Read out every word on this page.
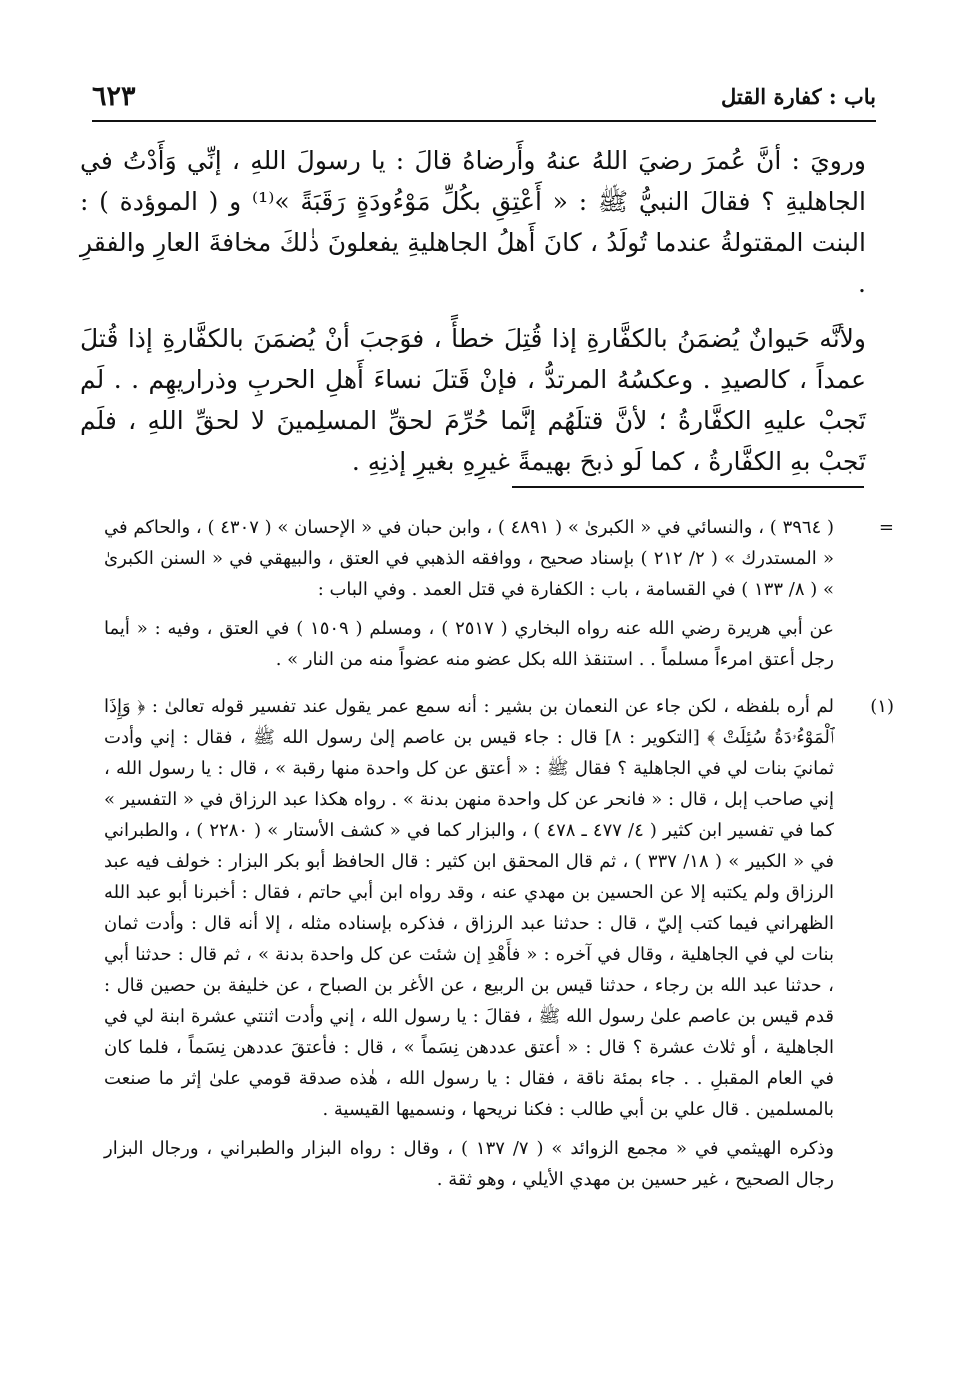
باب : كفارة القتل
٦٢٣

ورويَ : أنَّ عُمرَ رضيَ اللهُ عنهُ وأَرضاهُ قالَ : يا رسولَ اللهِ ، إنِّي وَأَدْتُ في الجاهليةِ ؟ فقالَ النبيُّ ﷺ : « أَعْتِقِ بكُلِّ مَوْءُودَةٍ رَقَبَةً »⁽¹⁾ و ( الموؤدة ) : البنت المقتولةُ عندما تُولَدُ ، كانَ أَهلُ الجاهليةِ يفعلونَ ذٰلكَ مخافةَ العارِ والفقرِ .

ولأنَّه حَيوانٌ يُضمَنُ بالكفَّارةِ إذا قُتِلَ خطأً ، فوَجبَ أنْ يُضمَنَ بالكفَّارةِ إذا قُتلَ عمداً ، كالصيدِ . وعكسُهُ المرتدُّ ، فإنْ قَتلَ نساءَ أَهلِ الحربِ وذراريهِم . . لَم تَجبْ عليهِ الكفَّارةُ ؛ لأنَّ قتلَهُم إنَّما حُرِّمَ لحقِّ المسلِمينَ لا لحقِّ اللهِ ، فلَم تَجبْ بهِ الكفَّارةُ ، كما لَو ذبحَ بهيمةً غيرِهِ بغيرِ إذنِهِ .

=

( ٣٩٦٤ ) ، والنسائي في « الكبرىٰ » ( ٤٨٩١ ) ، وابن حبان في « الإحسان » ( ٤٣٠٧ ) ، والحاكم في « المستدرك » ( ٢/ ٢١٢ ) بإسناد صحيح ، ووافقه الذهبي في العتق ، والبيهقي في « السنن الكبرىٰ » ( ٨/ ١٣٣ ) في القسامة ، باب : الكفارة في قتل العمد . وفي الباب :

عن أبي هريرة رضي الله عنه رواه البخاري ( ٢٥١٧ ) ، ومسلم ( ١٥٠٩ ) في العتق ، وفيه : « أيما رجل أعتق امرءاً مسلماً . . استنقذ الله بكل عضو منه عضواً منه من النار » .

(١)

لم أره بلفظه ، لكن جاء عن النعمان بن بشير : أنه سمع عمر يقول عند تفسير قوله تعالىٰ : ﴿ وَإِذَا ٱلْمَوْءُۥدَةُ سُئِلَتْ ﴾ [التكوير : ٨] قال : جاء قيس بن عاصم إلىٰ رسول الله ﷺ ، فقال : إني وأدت ثمانيَ بنات لي في الجاهلية ؟ فقال ﷺ : « أعتق عن كل واحدة منها رقبة » ، قال : يا رسول الله ، إني صاحب إبل ، قال : « فانحر عن كل واحدة منهن بدنة » . رواه هكذا عبد الرزاق في « التفسير » كما في تفسير ابن كثير ( ٤/ ٤٧٧ ـ ٤٧٨ ) ، والبزار كما في « كشف الأستار » ( ٢٢٨٠ ) ، والطبراني في « الكبير » ( ١٨/ ٣٣٧ ) ، ثم قال المحقق ابن كثير : قال الحافظ أبو بكر البزار : خولف فيه عبد الرزاق ولم يكتبه إلا عن الحسين بن مهدي عنه ، وقد رواه ابن أبي حاتم ، فقال : أخبرنا أبو عبد الله الظهراني فيما كتب إليّ ، قال : حدثنا عبد الرزاق ، فذكره بإسناده مثله ، إلا أنه قال : وأدت ثمان بنات لي في الجاهلية ، وقال في آخره : « فأَهْدِ إن شئت عن كل واحدة بدنة » ، ثم قال : حدثنا أبي ، حدثنا عبد الله بن رجاء ، حدثنا قيس بن الربيع ، عن الأغر بن الصباح ، عن خليفة بن حصين قال : قدم قيس بن عاصم علىٰ رسول الله ﷺ ، فقالَ : يا رسول الله ، إني وأدت اثنتي عشرة ابنة لي في الجاهلية ، أو ثلاث عشرة ؟ قال : « أعتق عددهن نِسَماً » ، قال : فأعتقَ عددهن نِسَماً ، فلما كان في العام المقبلِ . . جاء بمئة ناقة ، فقال : يا رسول الله ، هٰذه صدقة قومي علىٰ إثر ما صنعت بالمسلمين . قال علي بن أبي طالب : فكنا نريحها ، ونسميها القيسية .

وذكره الهيثمي في « مجمع الزوائد » ( ٧/ ١٣٧ ) ، وقال : رواه البزار والطبراني ، ورجال البزار رجال الصحيح ، غير حسين بن مهدي الأيلي ، وهو ثقة .
